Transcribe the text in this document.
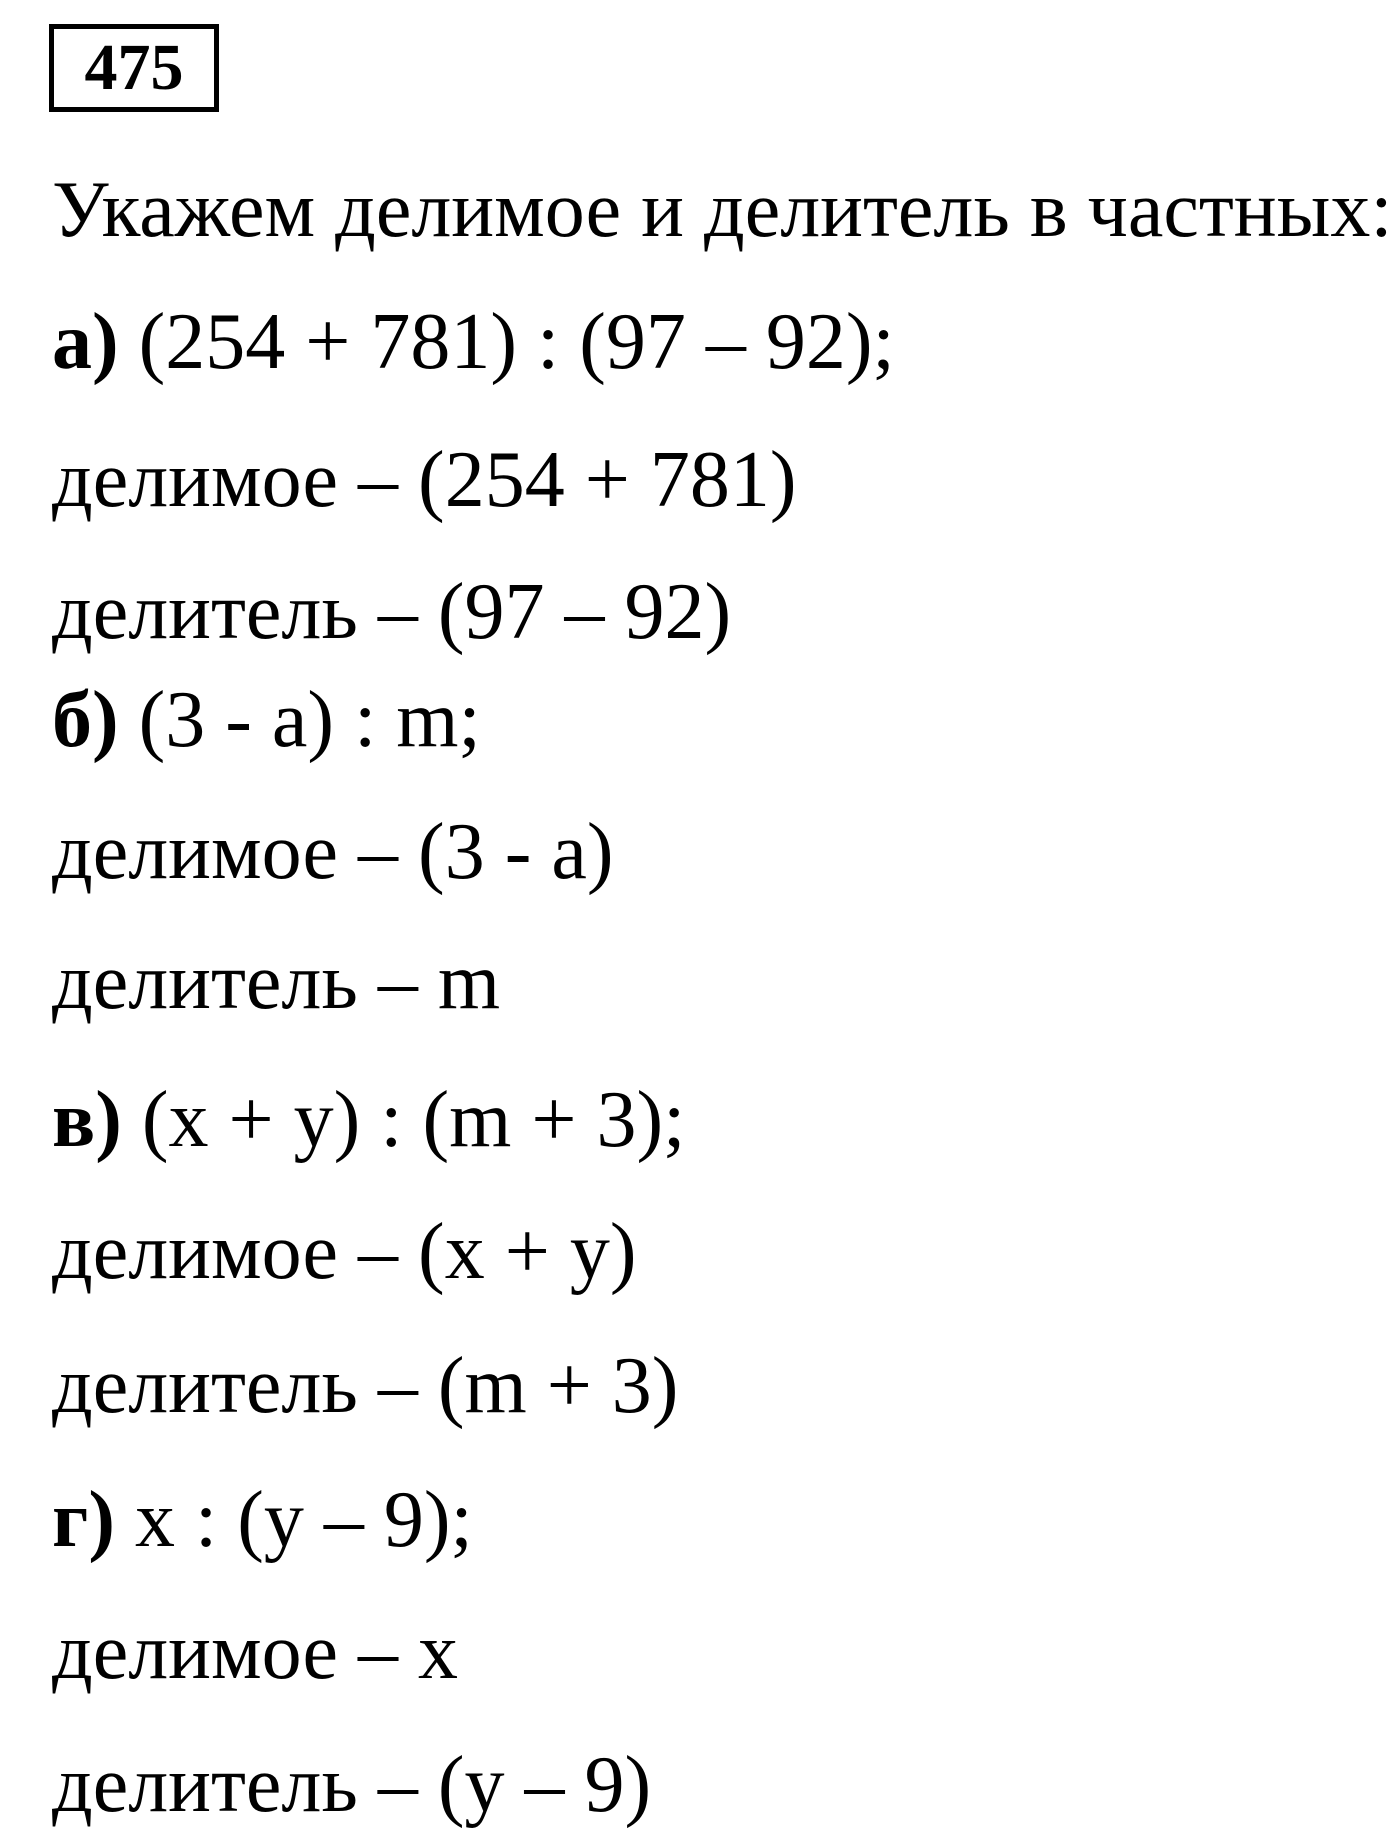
475
Укажем делимое и делитель в частных:
а) (254 + 781) : (97 – 92);
делимое – (254 + 781)
делитель – (97 – 92)
б) (3 - a) : m;
делимое – (3 - a)
делитель – m
в) (x + y) : (m + 3);
делимое – (x + y)
делитель – (m + 3)
г) x : (y – 9);
делимое – x
делитель – (y – 9)
